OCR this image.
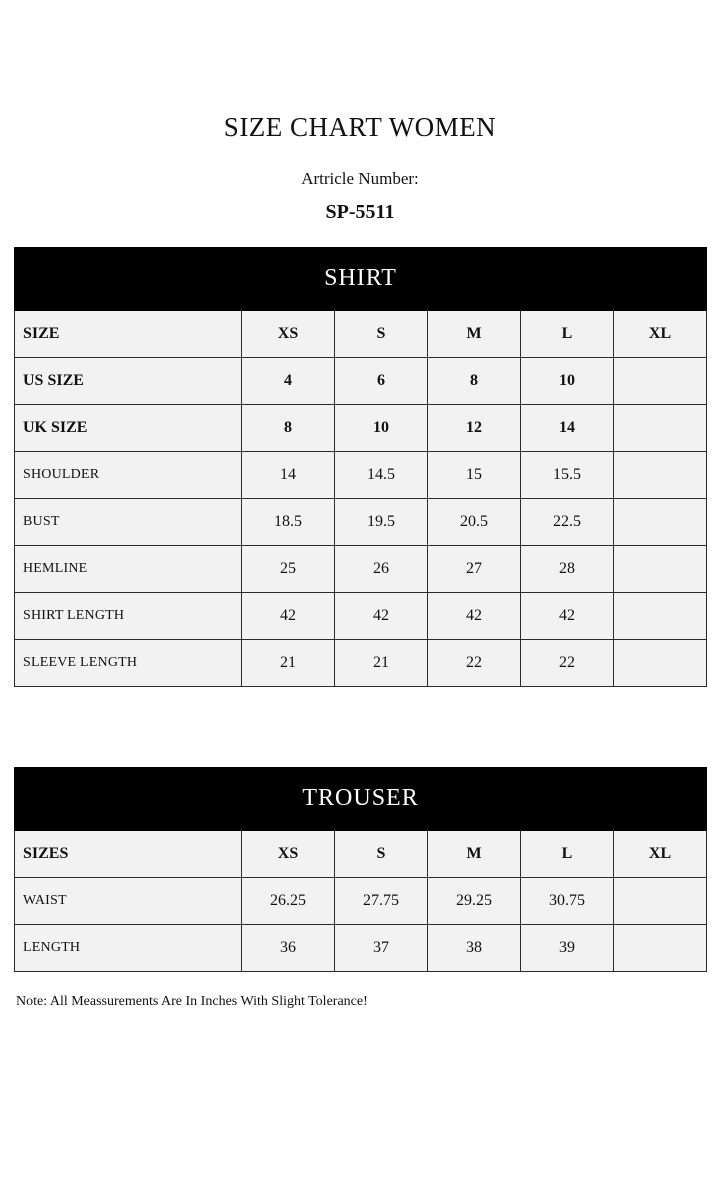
SIZE CHART WOMEN
Artricle Number:
SP-5511
SHIRT					
SIZE	XS	S	M	L	XL
US SIZE	4	6	8	10	
UK SIZE	8	10	12	14	
SHOULDER	14	14.5	15	15.5	
BUST	18.5	19.5	20.5	22.5	
HEMLINE	25	26	27	28	
SHIRT LENGTH	42	42	42	42	
SLEEVE LENGTH	21	21	22	22	
TROUSER					
SIZES	XS	S	M	L	XL
WAIST	26.25	27.75	29.25	30.75	
LENGTH	36	37	38	39	
Note: All Meassurements Are In Inches With Slight Tolerance!
